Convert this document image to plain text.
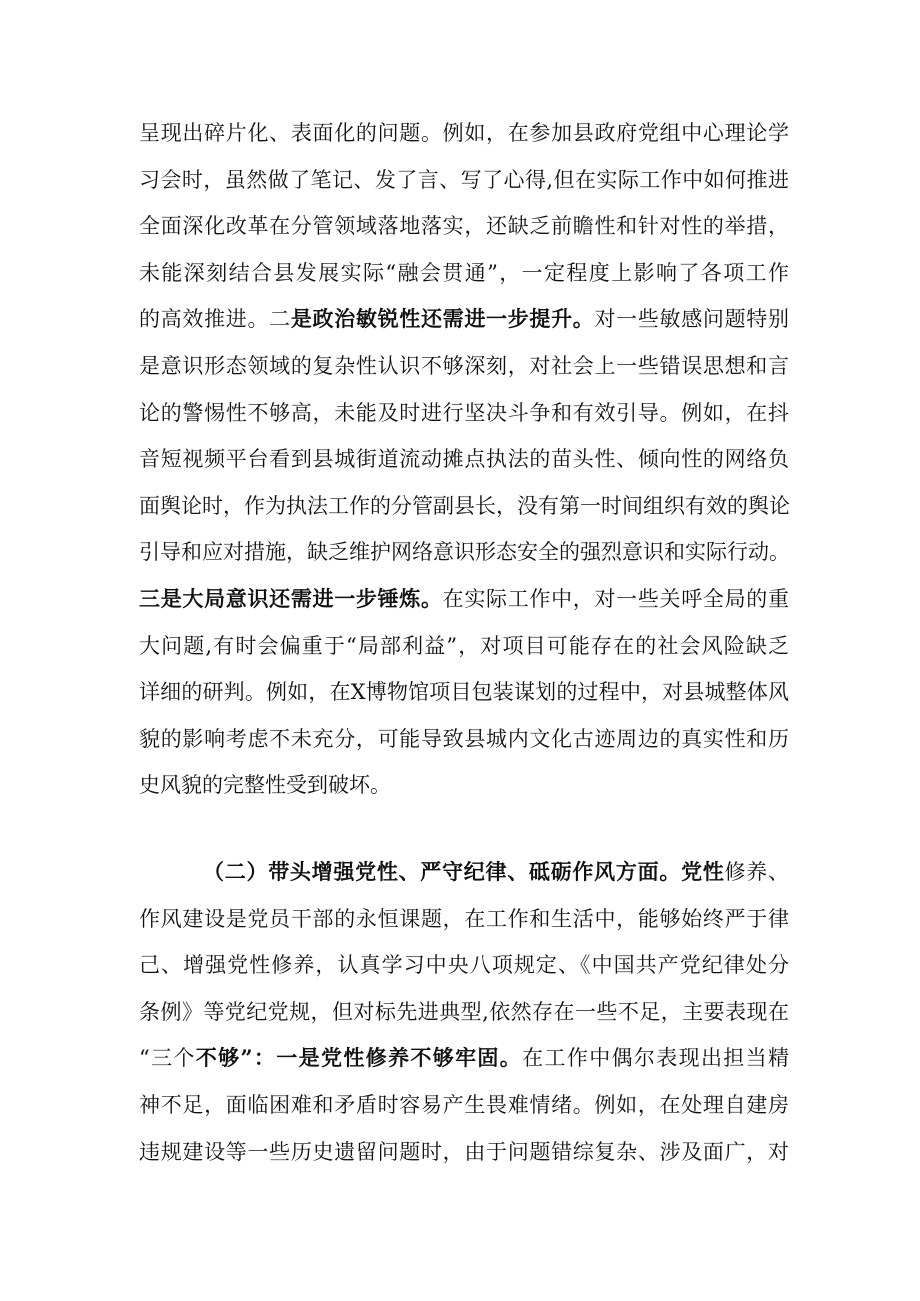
呈现出碎片化、表面化的问题。例如，在参加县政府党组中心理论学
习会时，虽然做了笔记、发了言、写了心得,但在实际工作中如何推进
全面深化改革在分管领域落地落实，还缺乏前瞻性和针对性的举措，
未能深刻结合县发展实际“融会贯通”，一定程度上影响了各项工作
的高效推进。二是政治敏锐性还需进一步提升。对一些敏感问题特别
是意识形态领域的复杂性认识不够深刻，对社会上一些错误思想和言
论的警惕性不够高，未能及时进行坚决斗争和有效引导。例如，在抖
音短视频平台看到县城街道流动摊点执法的苗头性、倾向性的网络负
面舆论时，作为执法工作的分管副县长，没有第一时间组织有效的舆论
引导和应对措施，缺乏维护网络意识形态安全的强烈意识和实际行动。
三是大局意识还需进一步锤炼。在实际工作中，对一些关呼全局的重
大问题,有时会偏重于“局部利益”，对项目可能存在的社会风险缺乏
详细的研判。例如，在X博物馆项目包装谋划的过程中，对县城整体风
貌的影响考虑不未充分，可能导致县城内文化古迹周边的真实性和历
史风貌的完整性受到破坏。
（二）带头增强党性、严守纪律、砥砺作风方面。党性修养、
作风建设是党员干部的永恒课题，在工作和生活中，能够始终严于律
己、增强党性修养，认真学习中央八项规定、《中国共产党纪律处分
条例》等党纪党规，但对标先进典型,依然存在一些不足，主要表现在
“三个不够”：一是党性修养不够牢固。在工作中偶尔表现出担当精
神不足，面临困难和矛盾时容易产生畏难情绪。例如，在处理自建房
违规建设等一些历史遗留问题时，由于问题错综复杂、涉及面广，对
